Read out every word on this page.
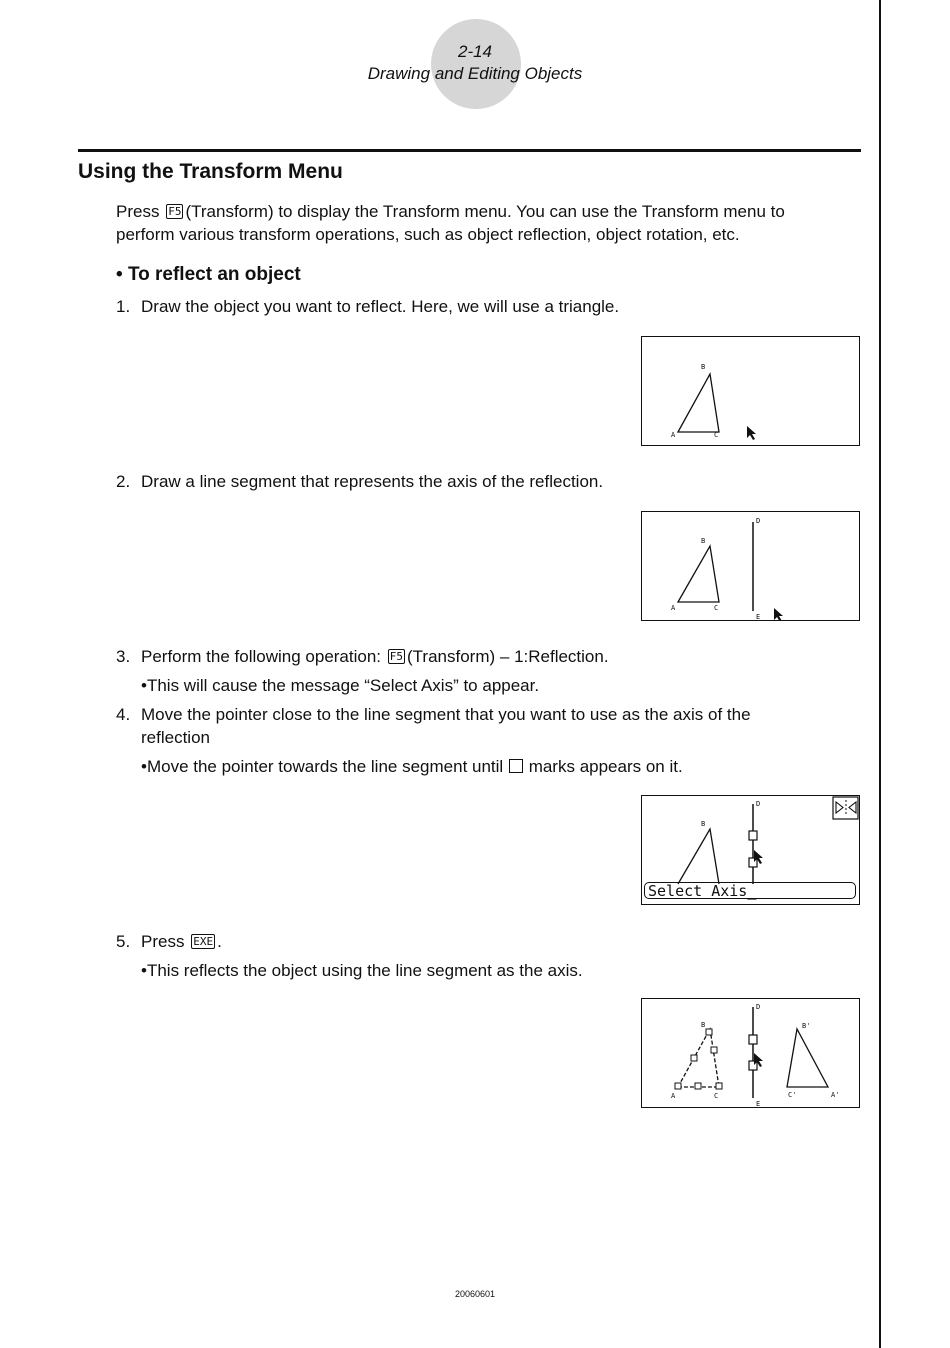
2-14
Drawing and Editing Objects
Using the Transform Menu
Press F5 (Transform) to display the Transform menu. You can use the Transform menu to perform various transform operations, such as object reflection, object rotation, etc.
• To reflect an object
1. Draw the object you want to reflect. Here, we will use a triangle.
B
A	C
2. Draw a line segment that represents the axis of the reflection.
B
A	C
D
E
3. Perform the following operation: F5 (Transform) – 1:Reflection.
•This will cause the message “Select Axis” to appear.
4. Move the pointer close to the line segment that you want to use as the axis of the reflection
•Move the pointer towards the line segment until marks appears on it.
B
D
Select Axis_
5. Press EXE .
•This reflects the object using the line segment as the axis.
B
A	C
D
E
B'
C'	A'
20060601
